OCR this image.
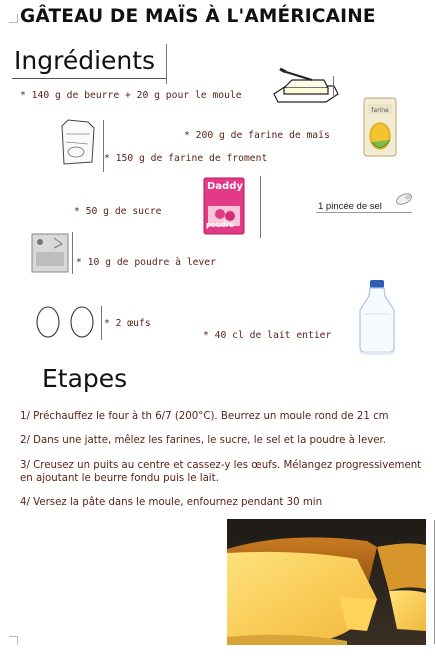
GÂTEAU DE MAÏS À L'AMÉRICAINE
Ingrédients
* 140 g de beurre + 20 g pour le moule
farine
* 200 g de farine de maïs
* 150 g de farine de froment
Daddy
poudre
* 50 g de sucre	1 pincée de sel
* 10 g de poudre à lever
* 2 œufs
* 40 cl de lait entier
Etapes
1/ Préchauffez le four à th 6/7 (200°C). Beurrez un moule rond de 21 cm
2/ Dans une jatte, mêlez les farines, le sucre, le sel et la poudre à lever.
3/ Creusez un puits au centre et cassez-y les œufs. Mélangez progressivement en ajoutant le beurre fondu puis le lait.
4/ Versez la pâte dans le moule, enfournez pendant 30 min
